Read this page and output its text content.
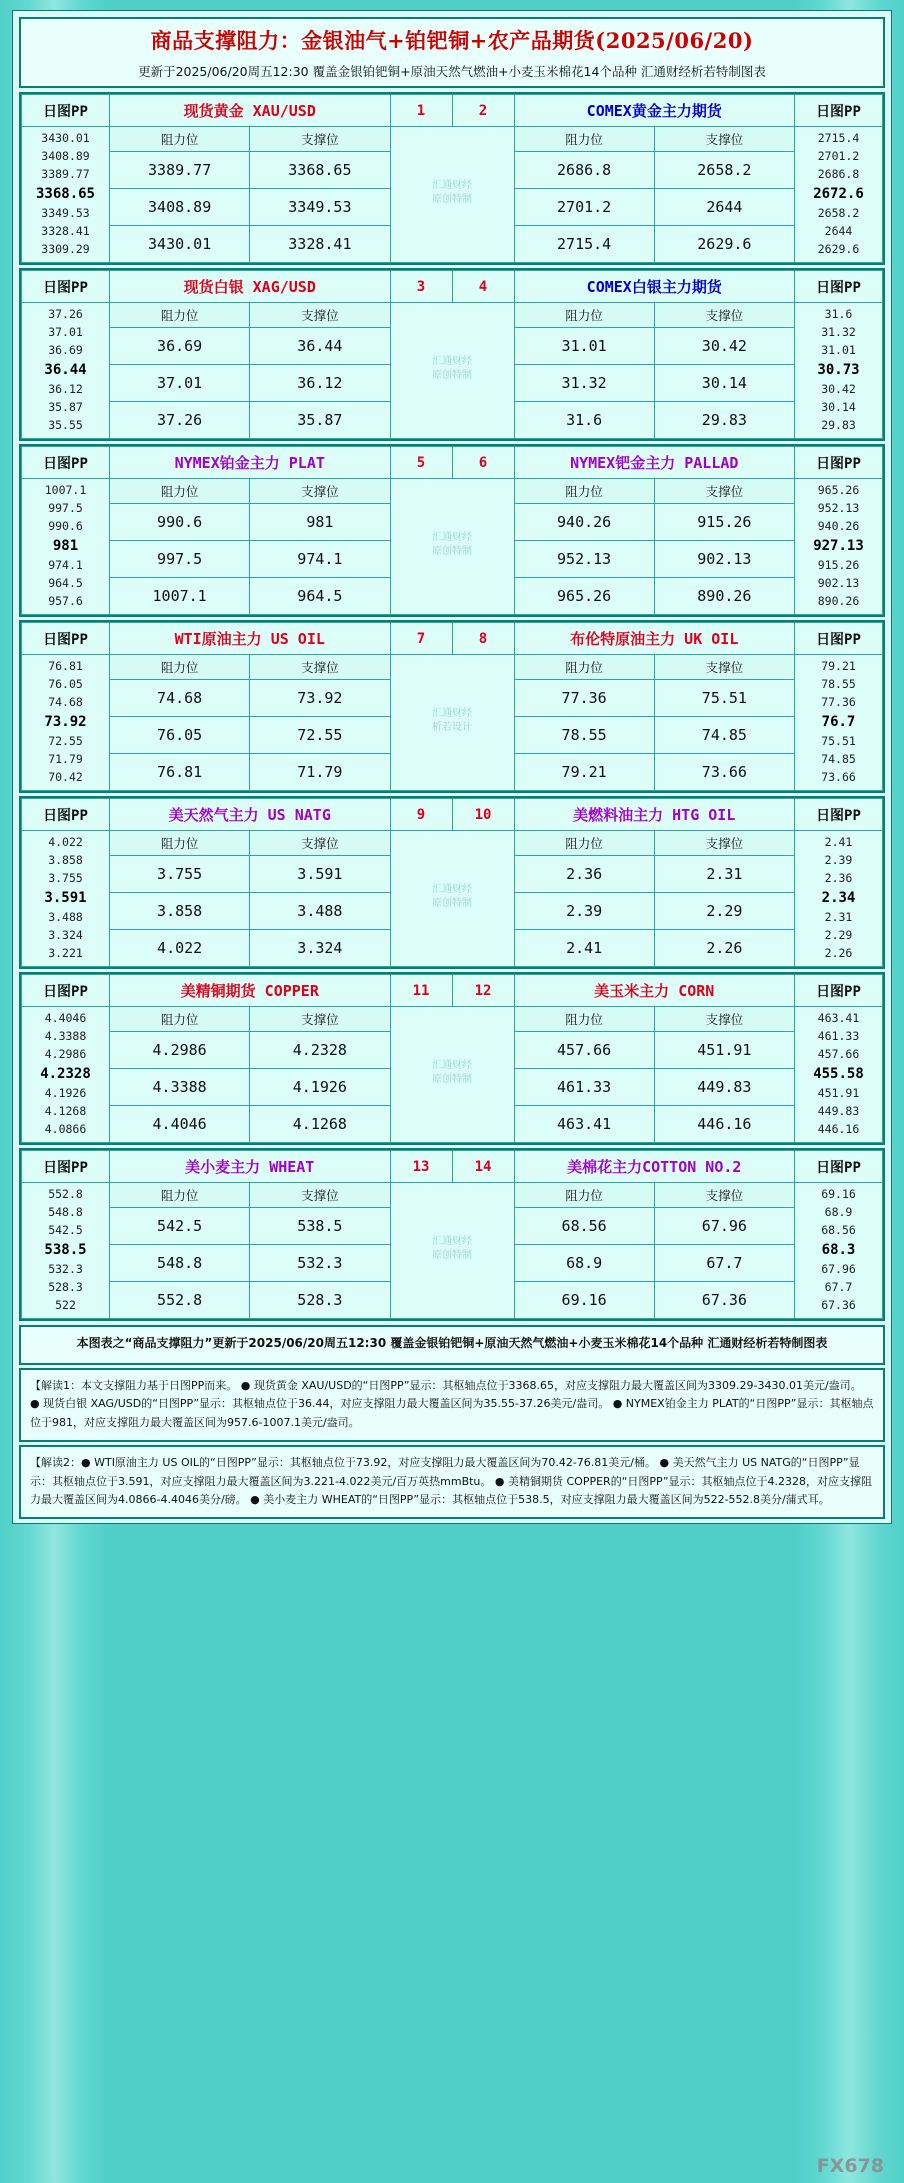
商品支撑阻力：金银油气+铂钯铜+农产品期货(2025/06/20)
更新于2025/06/20周五12:30 覆盖金银铂钯铜+原油天然气燃油+小麦玉米棉花14个品种 汇通财经析若特制图表
日图PP	现货黄金 XAU/USD		1	2	COMEX黄金主力期货		日图PP

3430.01
3408.89
3389.77
3368.65
3349.53
3328.41
3309.29
	阻力位	支撑位	
汇通财经
原创特制
	阻力位	支撑位	2715.4
2701.2
2686.8
2672.6
2658.2
2644
2629.6

	3389.77	3368.65			2686.8	2658.2	
	3408.89	3349.53			2701.2	2644	
	3430.01	3328.41			2715.4	2629.6	
日图PP	现货白银 XAG/USD		3	4	COMEX白银主力期货		日图PP

37.26
37.01
36.69
36.44
36.12
35.87
35.55
	阻力位	支撑位	
汇通财经
原创特制
	阻力位	支撑位	31.6
31.32
31.01
30.73
30.42
30.14
29.83

	36.69	36.44			31.01	30.42	
	37.01	36.12			31.32	30.14	
	37.26	35.87			31.6	29.83	
日图PP	NYMEX铂金主力 PLAT		5	6	NYMEX钯金主力 PALLAD		日图PP

1007.1
997.5
990.6
981
974.1
964.5
957.6
	阻力位	支撑位	
汇通财经
原创特制
	阻力位	支撑位	965.26
952.13
940.26
927.13
915.26
902.13
890.26

	990.6	981			940.26	915.26	
	997.5	974.1			952.13	902.13	
	1007.1	964.5			965.26	890.26	
日图PP	WTI原油主力 US OIL		7	8	布伦特原油主力 UK OIL		日图PP

76.81
76.05
74.68
73.92
72.55
71.79
70.42
	阻力位	支撑位	
汇通财经
析若设计
	阻力位	支撑位	79.21
78.55
77.36
76.7
75.51
74.85
73.66

	74.68	73.92			77.36	75.51	
	76.05	72.55			78.55	74.85	
	76.81	71.79			79.21	73.66	
日图PP	美天然气主力 US NATG		9	10	美燃料油主力 HTG OIL		日图PP

4.022
3.858
3.755
3.591
3.488
3.324
3.221
	阻力位	支撑位	
汇通财经
原创特制
	阻力位	支撑位	2.41
2.39
2.36
2.34
2.31
2.29
2.26

	3.755	3.591			2.36	2.31	
	3.858	3.488			2.39	2.29	
	4.022	3.324			2.41	2.26	
日图PP	美精铜期货 COPPER		11	12	美玉米主力 CORN		日图PP

4.4046
4.3388
4.2986
4.2328
4.1926
4.1268
4.0866
	阻力位	支撑位	
汇通财经
原创特制
	阻力位	支撑位	463.41
461.33
457.66
455.58
451.91
449.83
446.16

	4.2986	4.2328			457.66	451.91	
	4.3388	4.1926			461.33	449.83	
	4.4046	4.1268			463.41	446.16	
日图PP	美小麦主力 WHEAT		13	14	美棉花主力COTTON NO.2		日图PP

552.8
548.8
542.5
538.5
532.3
528.3
522
	阻力位	支撑位	
汇通财经
原创特制
	阻力位	支撑位	69.16
68.9
68.56
68.3
67.96
67.7
67.36

	542.5	538.5			68.56	67.96	
	548.8	532.3			68.9	67.7	
	552.8	528.3			69.16	67.36	
本图表之“商品支撑阻力”更新于2025/06/20周五12:30 覆盖金银铂钯铜+原油天然气燃油+小麦玉米棉花14个品种 汇通财经析若特制图表
【解读1：本文支撑阻力基于日图PP而来。 ● 现货黄金 XAU/USD的“日图PP”显示：其枢轴点位于3368.65，对应支撑阻力最大覆盖区间为3309.29-3430.01美元/盎司。 ● 现货白银 XAG/USD的“日图PP”显示：其枢轴点位于36.44，对应支撑阻力最大覆盖区间为35.55-37.26美元/盎司。 ● NYMEX铂金主力 PLAT的“日图PP”显示：其枢轴点位于981，对应支撑阻力最大覆盖区间为957.6-1007.1美元/盎司。
【解读2：● WTI原油主力 US OIL的“日图PP”显示：其枢轴点位于73.92，对应支撑阻力最大覆盖区间为70.42-76.81美元/桶。 ● 美天然气主力 US NATG的“日图PP”显示：其枢轴点位于3.591，对应支撑阻力最大覆盖区间为3.221-4.022美元/百万英热mmBtu。 ● 美精铜期货 COPPER的“日图PP”显示：其枢轴点位于4.2328，对应支撑阻力最大覆盖区间为4.0866-4.4046美分/磅。 ● 美小麦主力 WHEAT的“日图PP”显示：其枢轴点位于538.5，对应支撑阻力最大覆盖区间为522-552.8美分/蒲式耳。
FX678
